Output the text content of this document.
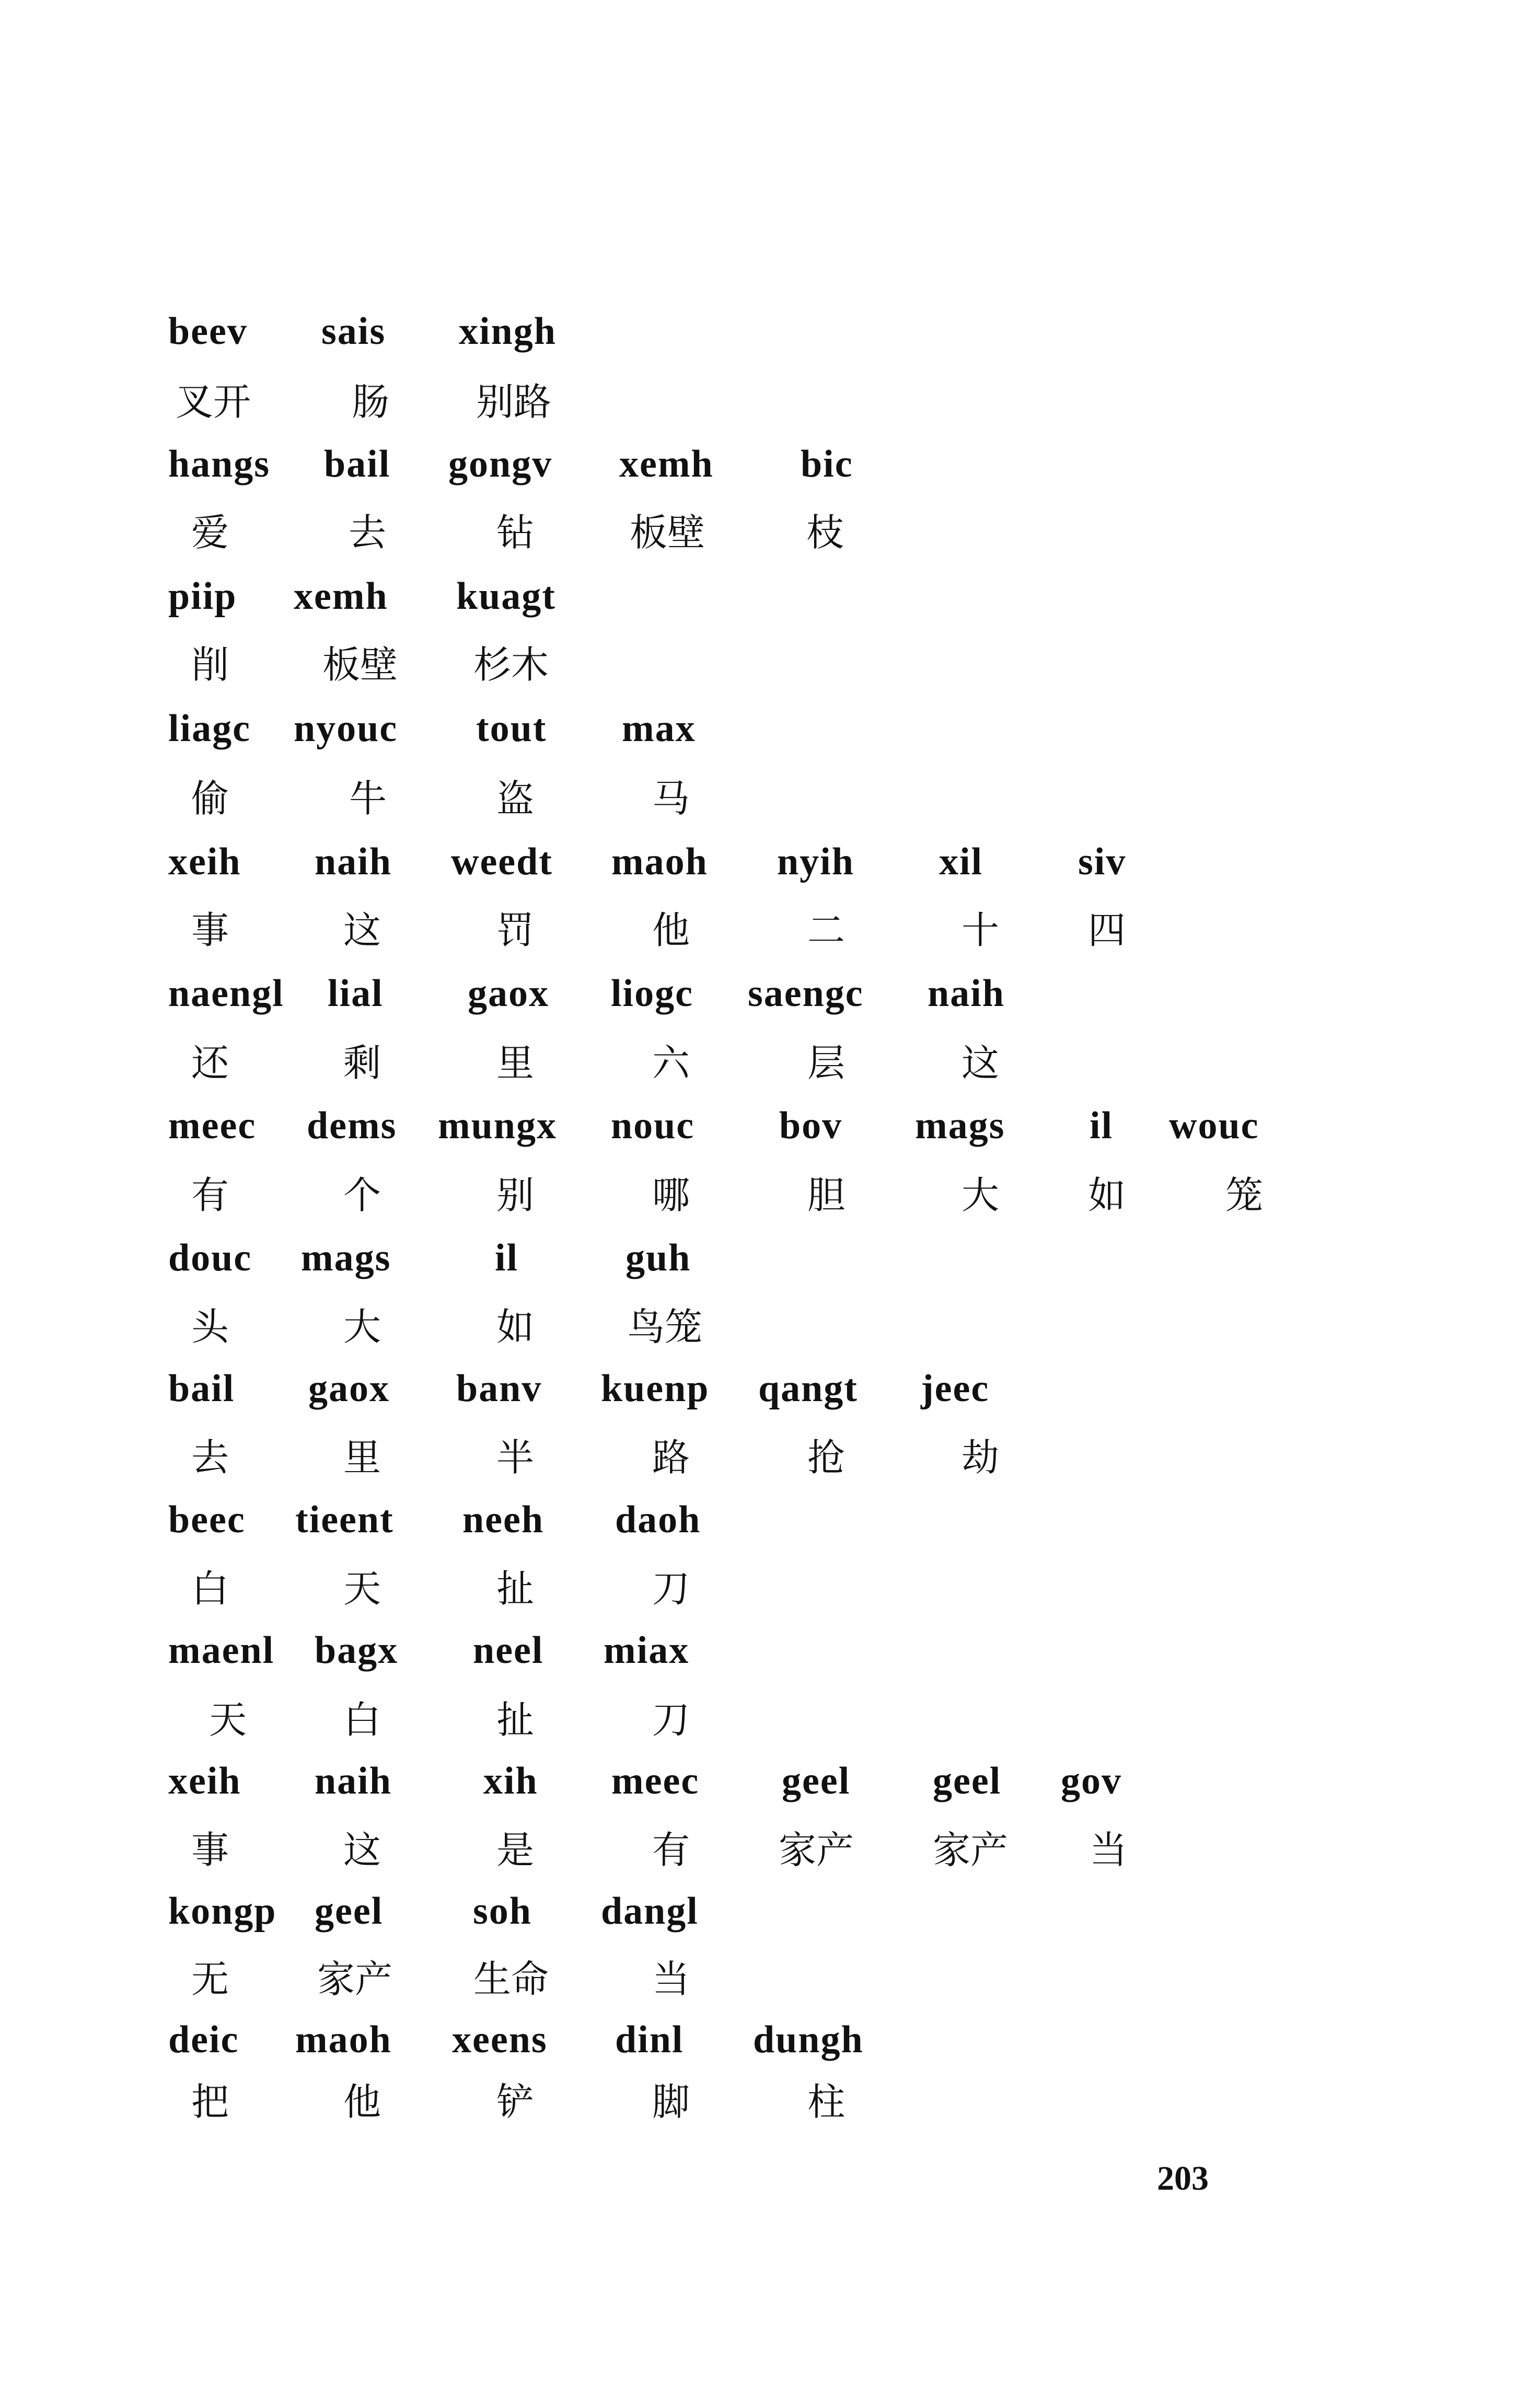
beev sais xingh
叉开	肠 别路
hangs bail gongv xemh bic
爱	去	钻	板壁	枝
piip xemh kuagt
削 板壁 杉木
liagc nyouc tout max
偷	牛	盗	马
xeih naih weedt maoh nyih xil siv
事	这	罚	他	二	十 四
naengl lial gaox liogc saengc naih
还	剩	里	六	层	这
meec dems mungx nouc bov mags il wouc
有	个	别	哪	胆	大 如	笼
douc mags	il	guh
头	大	如 鸟笼
bail gaox banv kuenp qangt jeec
去	里	半	路	抢	劫
beec tieent neeh daoh
白	天	扯	刀
maenl bagx neel miax
天	白	扯	刀
xeih naih xih meec geel geel gov
事	这	是	有 家产 家产 当
kongp geel soh dangl
无 家产 生命	当
deic maoh xeens dinl dungh
把	他	铲	脚	柱
203
